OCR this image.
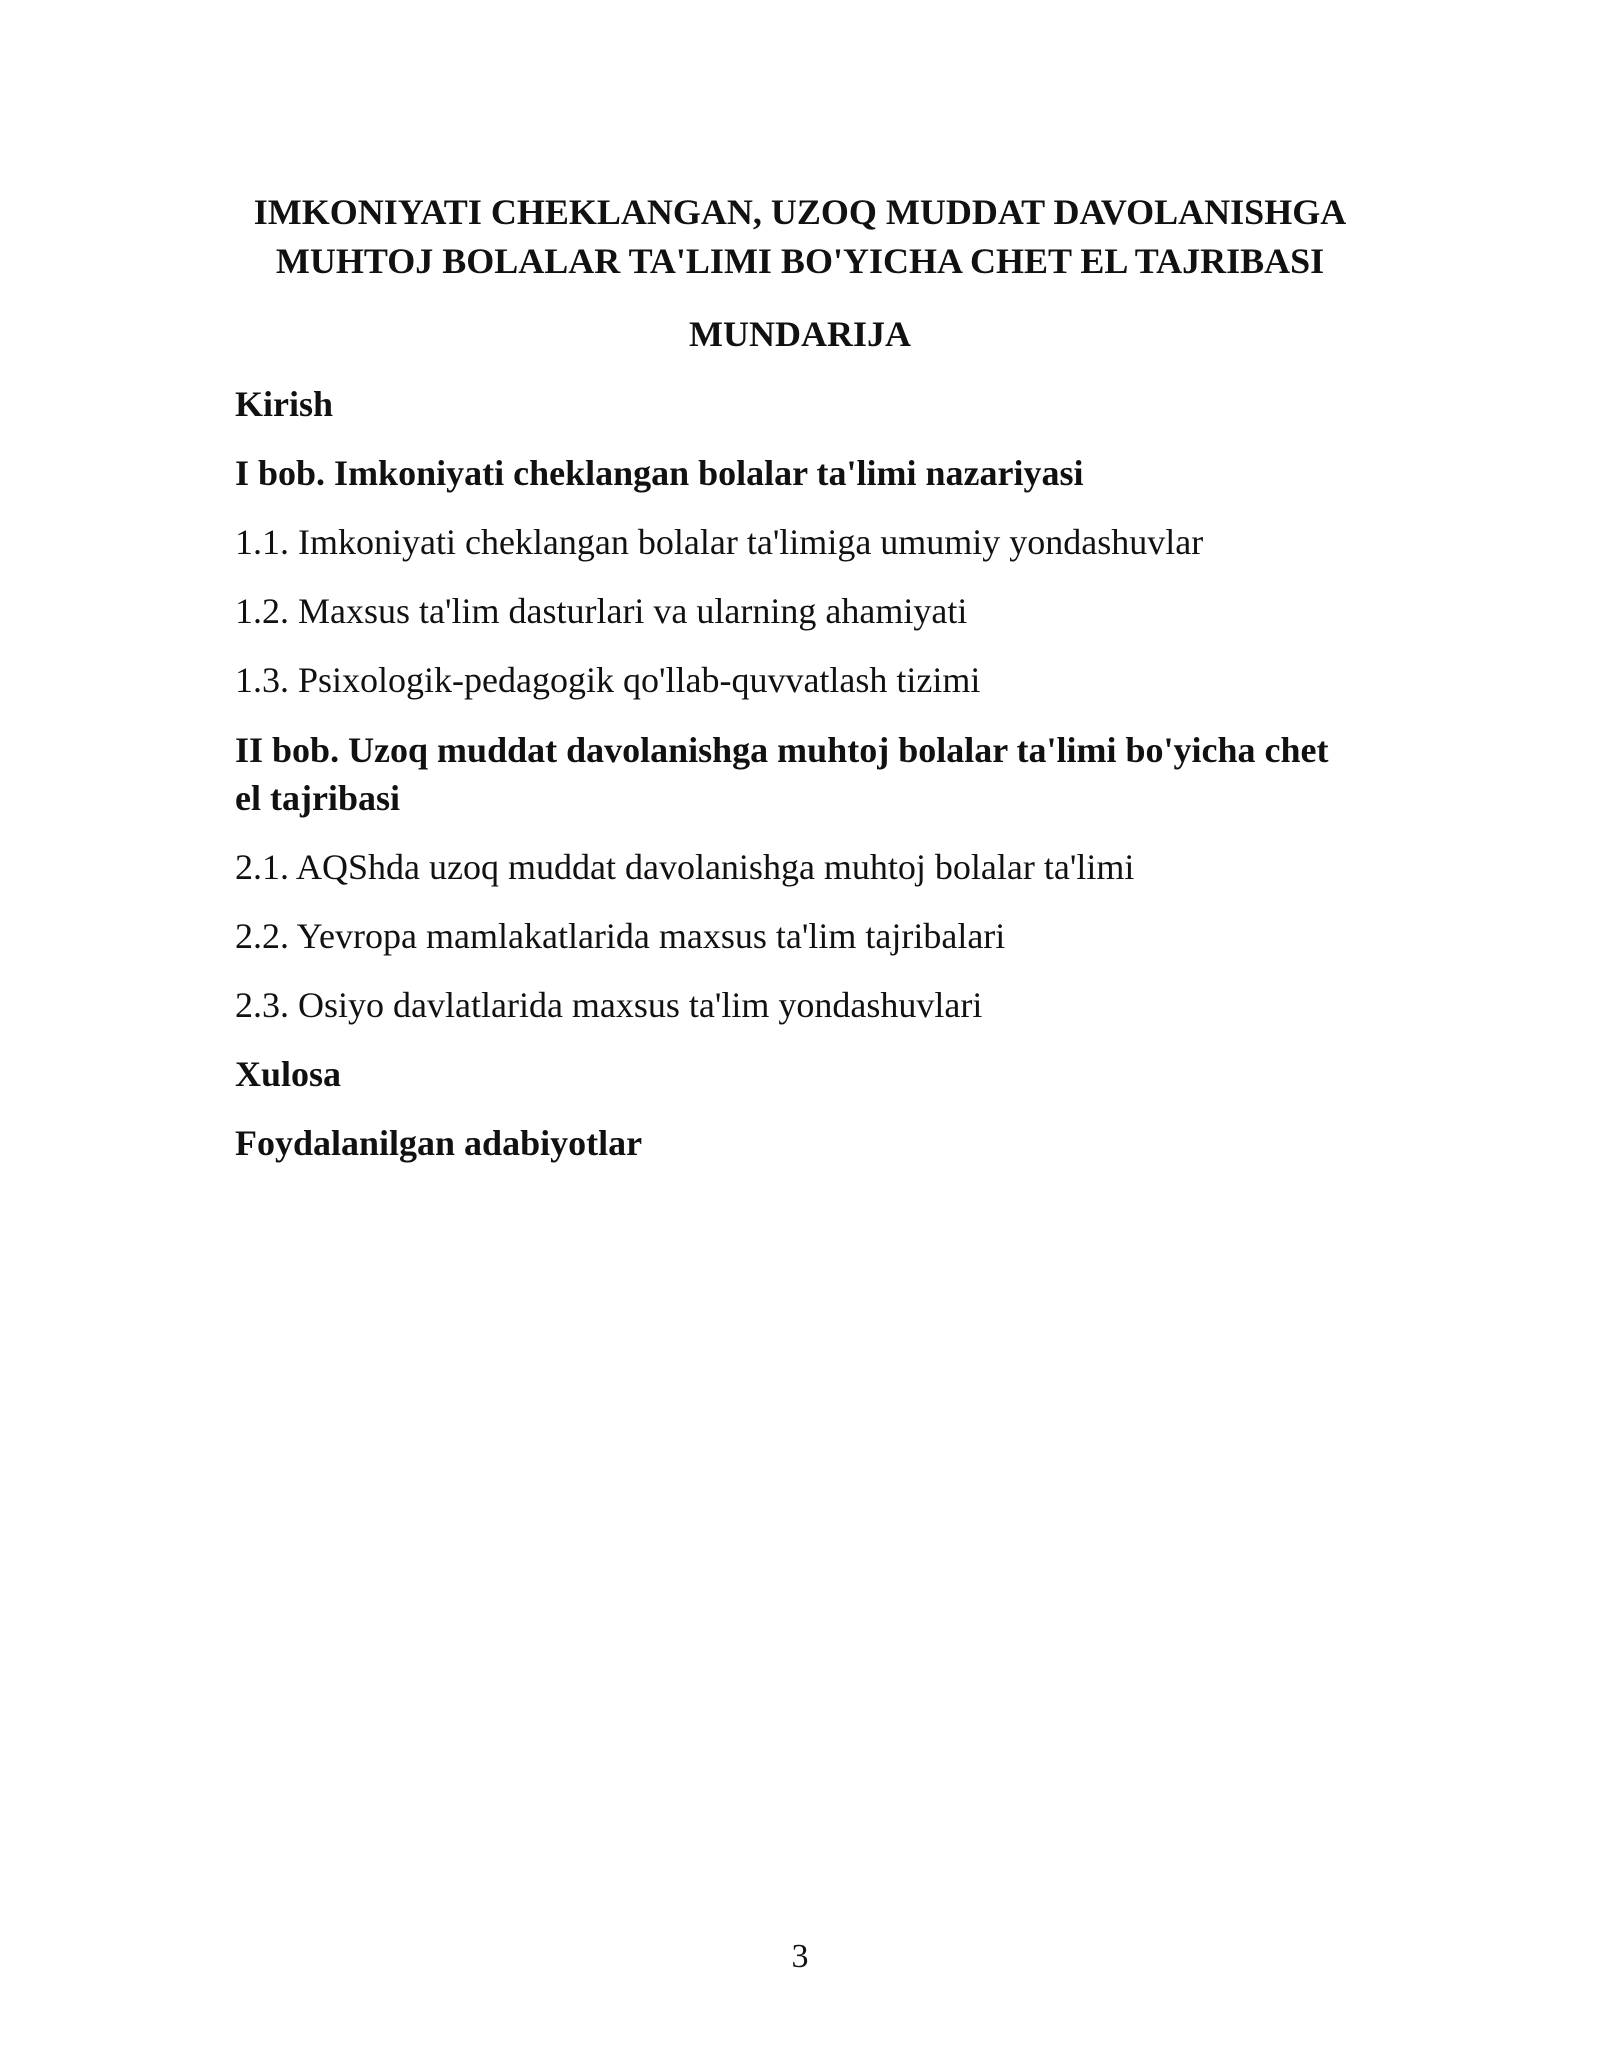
IMKONIYATI CHEKLANGAN, UZOQ MUDDAT DAVOLANISHGA
MUHTOJ BOLALAR TA'LIMI BO'YICHA CHET EL TAJRIBASI
MUNDARIJA

Kirish

I bob. Imkoniyati cheklangan bolalar ta'limi nazariyasi

1.1. Imkoniyati cheklangan bolalar ta'limiga umumiy yondashuvlar

1.2. Maxsus ta'lim dasturlari va ularning ahamiyati

1.3. Psixologik-pedagogik qo'llab-quvvatlash tizimi

II bob. Uzoq muddat davolanishga muhtoj bolalar ta'limi bo'yicha chet el tajribasi

2.1. AQShda uzoq muddat davolanishga muhtoj bolalar ta'limi

2.2. Yevropa mamlakatlarida maxsus ta'lim tajribalari

2.3. Osiyo davlatlarida maxsus ta'lim yondashuvlari

Xulosa

Foydalanilgan adabiyotlar

3
